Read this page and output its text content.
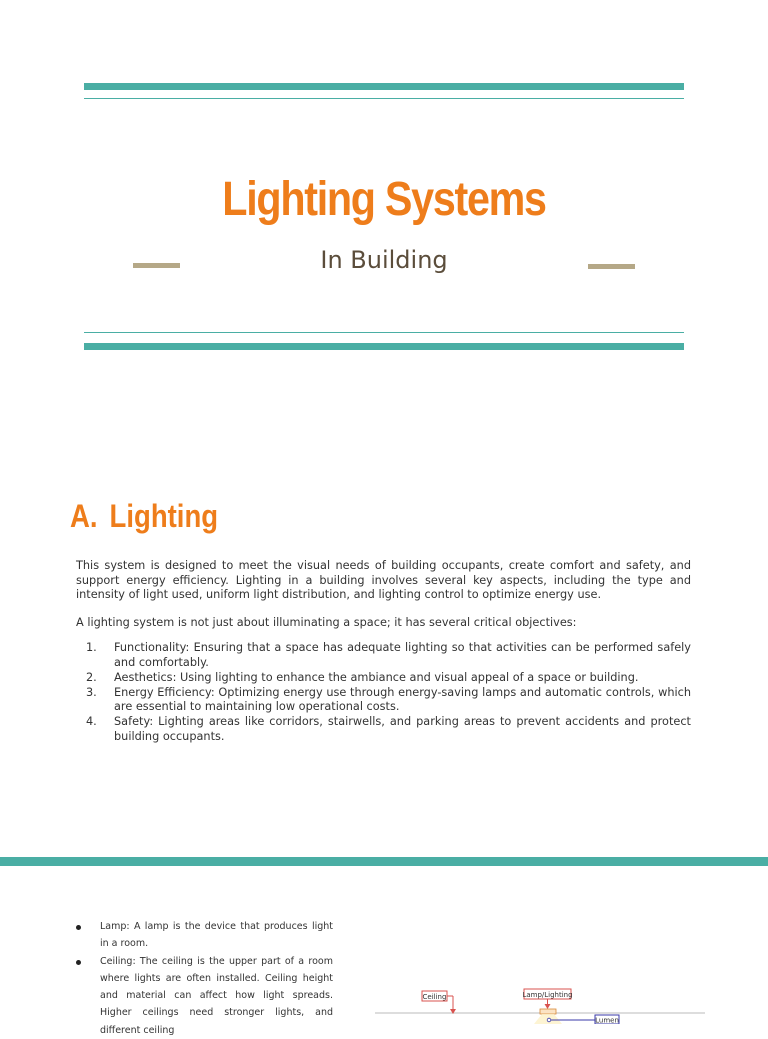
Lighting Systems
In Building
A. Lighting

This system is designed to meet the visual needs of building occupants, create comfort and safety, and support energy efficiency. Lighting in a building involves several key aspects, including the type and intensity of light used, uniform light distribution, and lighting control to optimize energy use.

A lighting system is not just about illuminating a space; it has several critical objectives:

1. Functionality: Ensuring that a space has adequate lighting so that activities can be performed safely and comfortably.
2. Aesthetics: Using lighting to enhance the ambiance and visual appeal of a space or building.
3. Energy Efficiency: Optimizing energy use through energy-saving lamps and automatic controls, which are essential to maintaining low operational costs.
4. Safety: Lighting areas like corridors, stairwells, and parking areas to prevent accidents and protect building occupants.
Lamp: A lamp is the device that produces light in a room.
Ceiling: The ceiling is the upper part of a room where lights are often installed. Ceiling height and material can affect how light spreads. Higher ceilings need stronger lights, and different ceiling
Ceiling	Lamp/Lighting
Lumen
